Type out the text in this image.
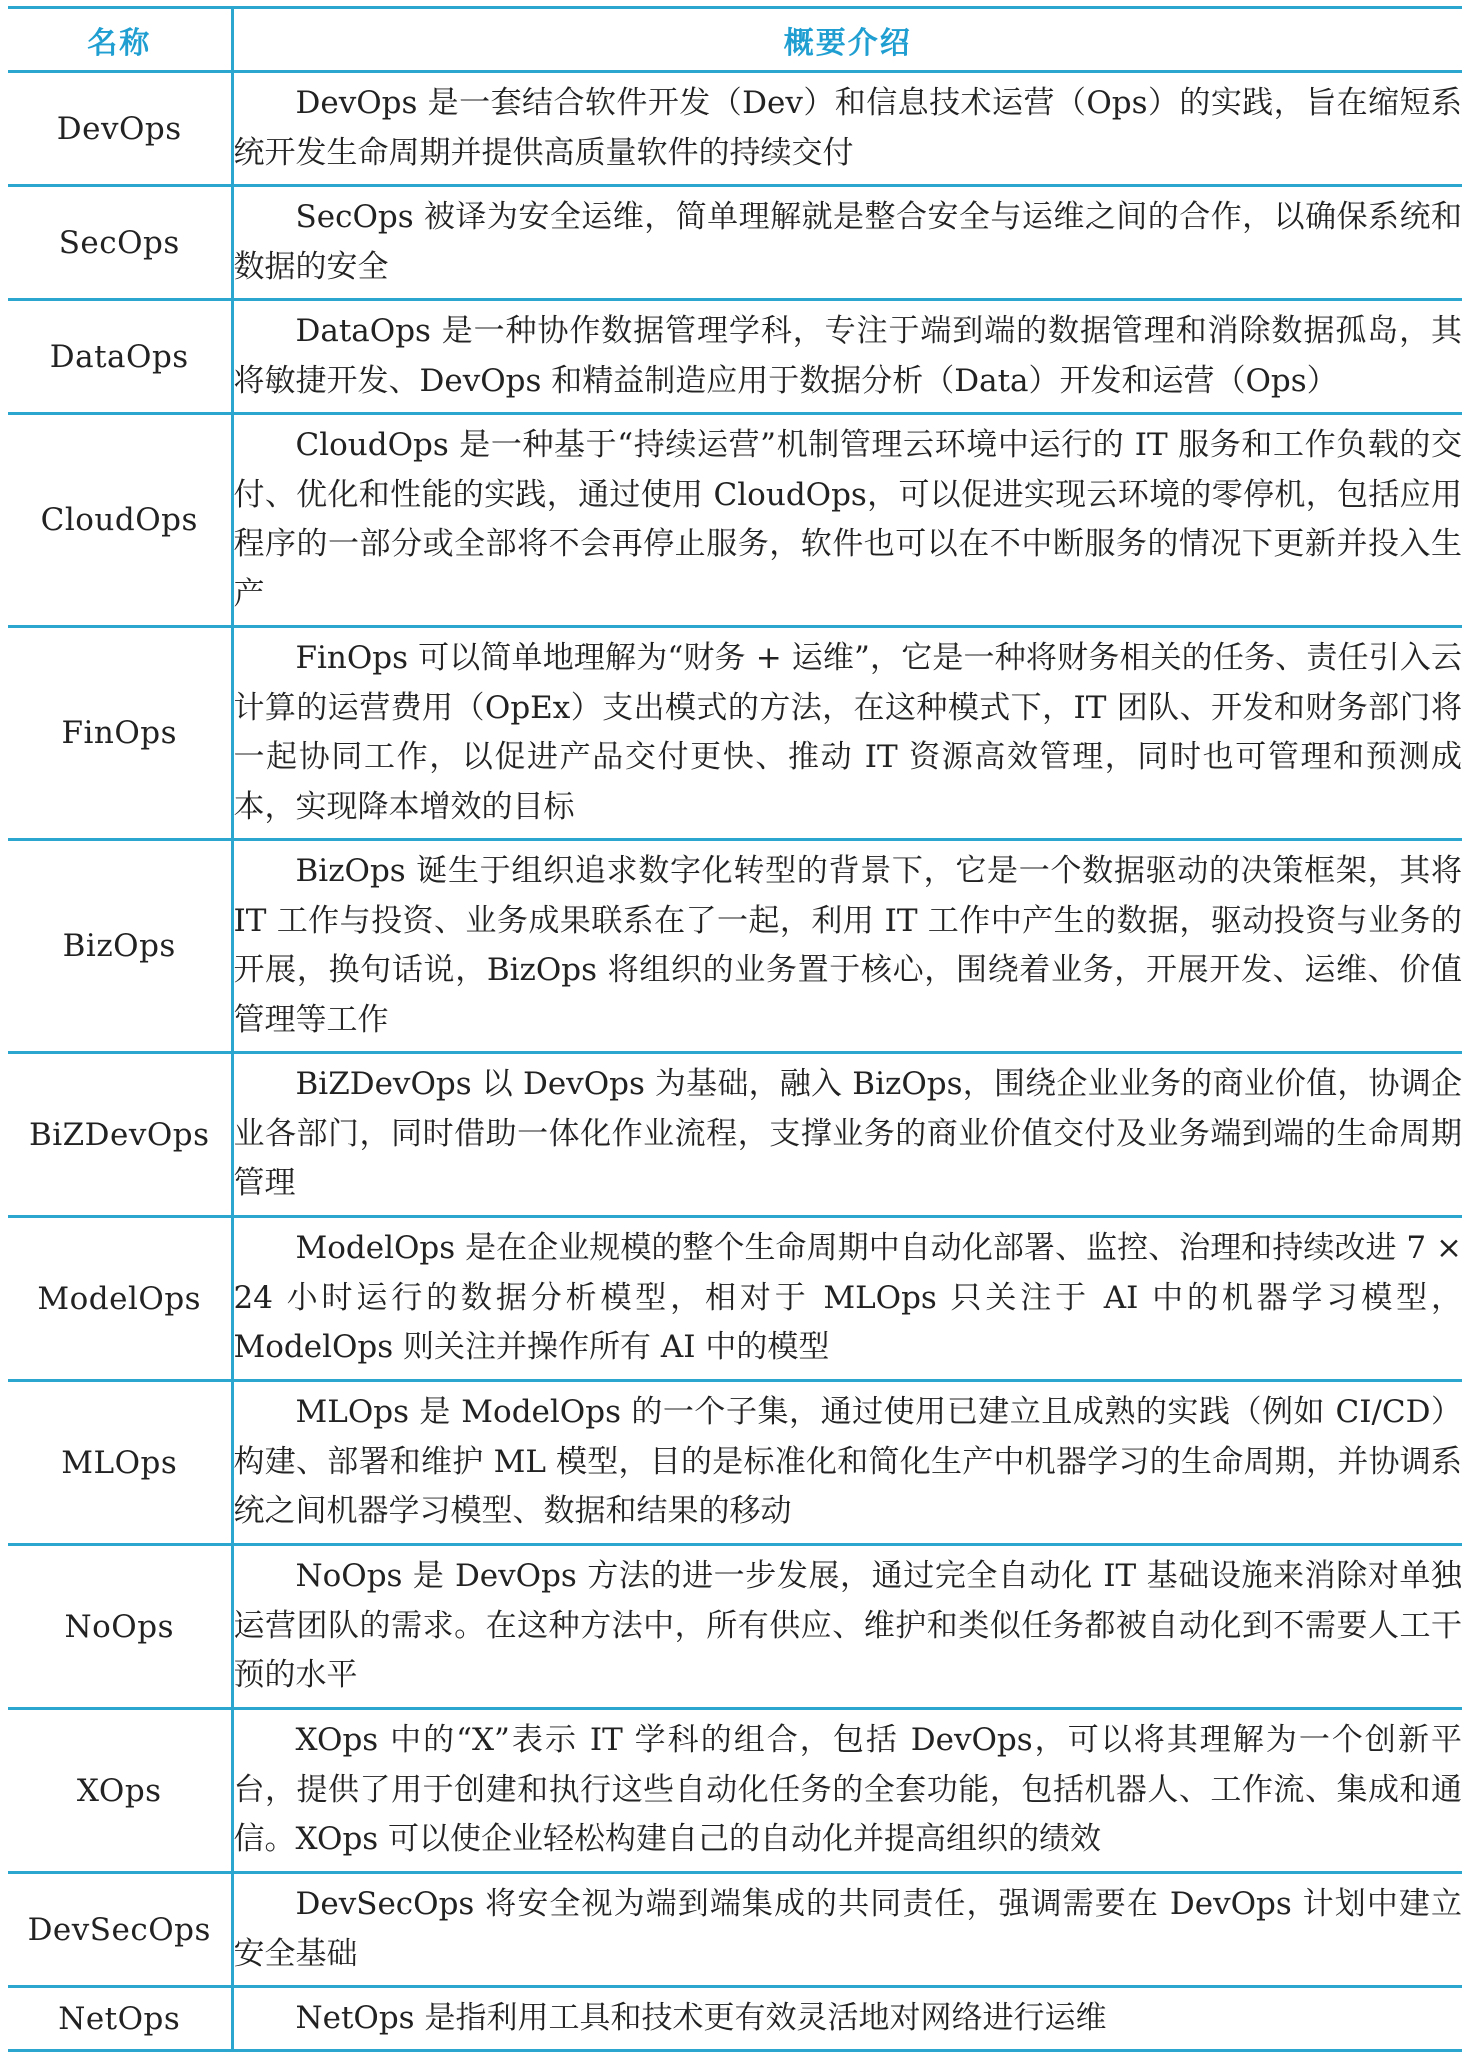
名称	概要介绍
DevOps	DevOps 是一套结合软件开发（Dev）和信息技术运营（Ops）的实践，旨在缩短系统开发生命周期并提供高质量软件的持续交付
SecOps	SecOps 被译为安全运维，简单理解就是整合安全与运维之间的合作，以确保系统和数据的安全
DataOps	DataOps 是一种协作数据管理学科，专注于端到端的数据管理和消除数据孤岛，其将敏捷开发、DevOps 和精益制造应用于数据分析（Data）开发和运营（Ops）
CloudOps	CloudOps 是一种基于“持续运营”机制管理云环境中运行的 IT 服务和工作负载的交付、优化和性能的实践，通过使用 CloudOps，可以促进实现云环境的零停机，包括应用程序的一部分或全部将不会再停止服务，软件也可以在不中断服务的情况下更新并投入生产
FinOps	FinOps 可以简单地理解为“财务 + 运维”，它是一种将财务相关的任务、责任引入云计算的运营费用（OpEx）支出模式的方法，在这种模式下，IT 团队、开发和财务部门将一起协同工作，以促进产品交付更快、推动 IT 资源高效管理，同时也可管理和预测成本，实现降本增效的目标
BizOps	BizOps 诞生于组织追求数字化转型的背景下，它是一个数据驱动的决策框架，其将 IT 工作与投资、业务成果联系在了一起，利用 IT 工作中产生的数据，驱动投资与业务的开展，换句话说，BizOps 将组织的业务置于核心，围绕着业务，开展开发、运维、价值管理等工作
BiZDevOps	BiZDevOps 以 DevOps 为基础，融入 BizOps，围绕企业业务的商业价值，协调企业各部门，同时借助一体化作业流程，支撑业务的商业价值交付及业务端到端的生命周期管理
ModelOps	ModelOps 是在企业规模的整个生命周期中自动化部署、监控、治理和持续改进 7 × 24 小时运行的数据分析模型，相对于 MLOps 只关注于 AI 中的机器学习模型，ModelOps 则关注并操作所有 AI 中的模型
MLOps	MLOps 是 ModelOps 的一个子集，通过使用已建立且成熟的实践（例如 CI/CD）构建、部署和维护 ML 模型，目的是标准化和简化生产中机器学习的生命周期，并协调系统之间机器学习模型、数据和结果的移动
NoOps	NoOps 是 DevOps 方法的进一步发展，通过完全自动化 IT 基础设施来消除对单独运营团队的需求。在这种方法中，所有供应、维护和类似任务都被自动化到不需要人工干预的水平
XOps	XOps 中的“X”表示 IT 学科的组合，包括 DevOps，可以将其理解为一个创新平台，提供了用于创建和执行这些自动化任务的全套功能，包括机器人、工作流、集成和通信。XOps 可以使企业轻松构建自己的自动化并提高组织的绩效
DevSecOps	DevSecOps 将安全视为端到端集成的共同责任，强调需要在 DevOps 计划中建立安全基础
NetOps	NetOps 是指利用工具和技术更有效灵活地对网络进行运维
